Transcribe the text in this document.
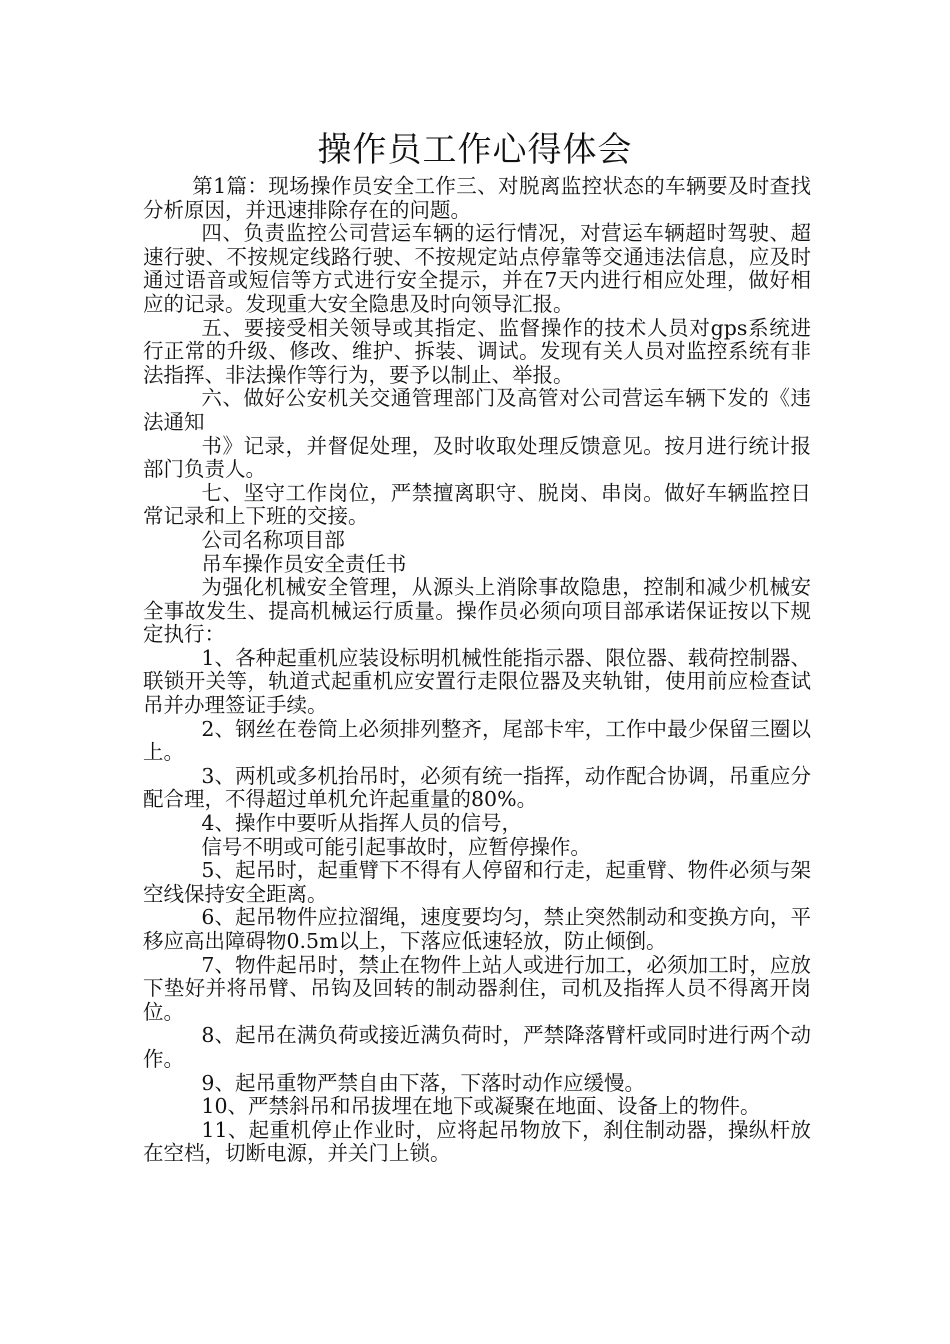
操作员工作心得体会

第1篇：现场操作员安全工作三、对脱离监控状态的车辆要及时查找分析原因，并迅速排除存在的问题。

四、负责监控公司营运车辆的运行情况，对营运车辆超时驾驶、超速行驶、不按规定线路行驶、不按规定站点停靠等交通违法信息，应及时通过语音或短信等方式进行安全提示，并在7天内进行相应处理，做好相应的记录。发现重大安全隐患及时向领导汇报。

五、要接受相关领导或其指定、监督操作的技术人员对gps系统进行正常的升级、修改、维护、拆装、调试。发现有关人员对监控系统有非法指挥、非法操作等行为，要予以制止、举报。

六、做好公安机关交通管理部门及高管对公司营运车辆下发的《违法通知

书》记录，并督促处理，及时收取处理反馈意见。按月进行统计报部门负责人。

七、坚守工作岗位，严禁擅离职守、脱岗、串岗。做好车辆监控日常记录和上下班的交接。

公司名称项目部

吊车操作员安全责任书

为强化机械安全管理，从源头上消除事故隐患，控制和减少机械安全事故发生、提高机械运行质量。操作员必须向项目部承诺保证按以下规定执行：

1、各种起重机应装设标明机械性能指示器、限位器、载荷控制器、联锁开关等，轨道式起重机应安置行走限位器及夹轨钳，使用前应检查试吊并办理签证手续。

2、钢丝在卷筒上必须排列整齐，尾部卡牢，工作中最少保留三圈以上。

3、两机或多机抬吊时，必须有统一指挥，动作配合协调，吊重应分配合理，不得超过单机允许起重量的80%。

4、操作中要听从指挥人员的信号，

信号不明或可能引起事故时，应暂停操作。

5、起吊时，起重臂下不得有人停留和行走，起重臂、物件必须与架空线保持安全距离。

6、起吊物件应拉溜绳，速度要均匀，禁止突然制动和变换方向，平移应高出障碍物0.5m以上，下落应低速轻放，防止倾倒。

7、物件起吊时，禁止在物件上站人或进行加工，必须加工时，应放下垫好并将吊臂、吊钩及回转的制动器刹住，司机及指挥人员不得离开岗位。

8、起吊在满负荷或接近满负荷时，严禁降落臂杆或同时进行两个动作。

9、起吊重物严禁自由下落，下落时动作应缓慢。

10、严禁斜吊和吊拔埋在地下或凝聚在地面、设备上的物件。

11、起重机停止作业时，应将起吊物放下，刹住制动器，操纵杆放在空档，切断电源，并关门上锁。
